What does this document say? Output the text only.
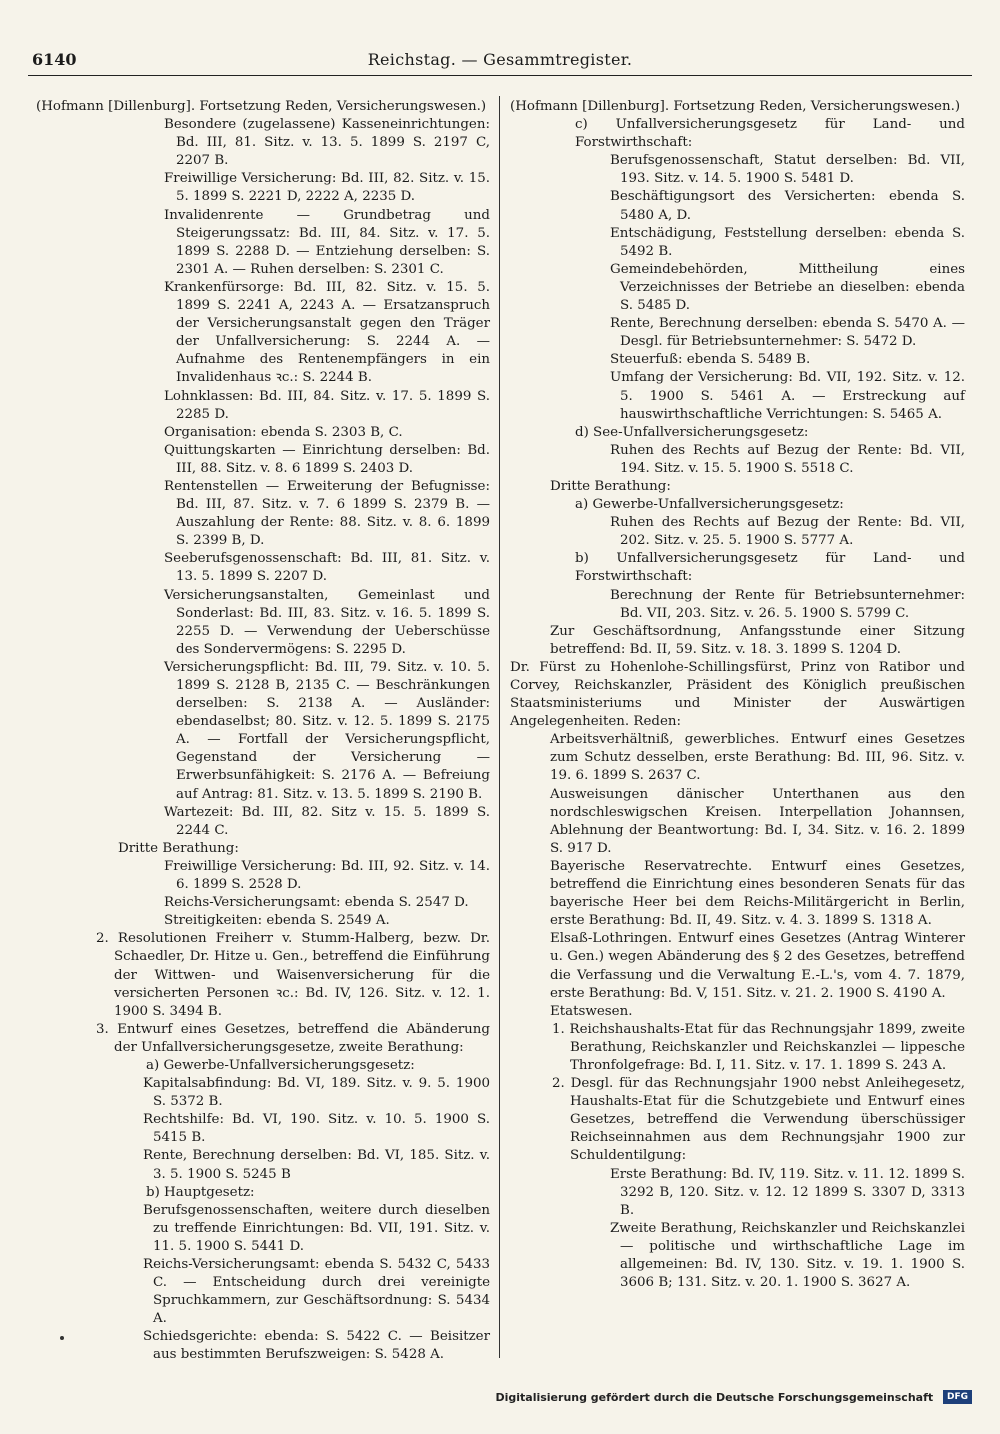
6140	Reichstag. — Gesammtregister.

(Hofmann [Dillenburg]. Fortsetzung Reden, Versicherungswesen.)

Besondere (zugelassene) Kasseneinrichtungen: Bd. III, 81. Sitz. v. 13. 5. 1899 S. 2197 C, 2207 B.

Freiwillige Versicherung: Bd. III, 82. Sitz. v. 15. 5. 1899 S. 2221 D, 2222 A, 2235 D.

Invalidenrente — Grundbetrag und Steigerungssatz: Bd. III, 84. Sitz. v. 17. 5. 1899 S. 2288 D. — Entziehung derselben: S. 2301 A. — Ruhen derselben: S. 2301 C.

Krankenfürsorge: Bd. III, 82. Sitz. v. 15. 5. 1899 S. 2241 A, 2243 A. — Ersatzanspruch der Versicherungsanstalt gegen den Träger der Unfallversicherung: S. 2244 A. — Aufnahme des Rentenempfängers in ein Invalidenhaus ꝛc.: S. 2244 B.

Lohnklassen: Bd. III, 84. Sitz. v. 17. 5. 1899 S. 2285 D.

Organisation: ebenda S. 2303 B, C.

Quittungskarten — Einrichtung derselben: Bd. III, 88. Sitz. v. 8. 6 1899 S. 2403 D.

Rentenstellen — Erweiterung der Befugnisse: Bd. III, 87. Sitz. v. 7. 6 1899 S. 2379 B. — Auszahlung der Rente: 88. Sitz. v. 8. 6. 1899 S. 2399 B, D.

Seeberufsgenossenschaft: Bd. III, 81. Sitz. v. 13. 5. 1899 S. 2207 D.

Versicherungsanstalten, Gemeinlast und Sonderlast: Bd. III, 83. Sitz. v. 16. 5. 1899 S. 2255 D. — Verwendung der Ueberschüsse des Sondervermögens: S. 2295 D.

Versicherungspflicht: Bd. III, 79. Sitz. v. 10. 5. 1899 S. 2128 B, 2135 C. — Beschränkungen derselben: S. 2138 A. — Ausländer: ebendaselbst; 80. Sitz. v. 12. 5. 1899 S. 2175 A. — Fortfall der Versicherungspflicht, Gegenstand der Versicherung — Erwerbsunfähigkeit: S. 2176 A. — Befreiung auf Antrag: 81. Sitz. v. 13. 5. 1899 S. 2190 B.

Wartezeit: Bd. III, 82. Sitz v. 15. 5. 1899 S. 2244 C.

Dritte Berathung:

Freiwillige Versicherung: Bd. III, 92. Sitz. v. 14. 6. 1899 S. 2528 D.

Reichs-Versicherungsamt: ebenda S. 2547 D.

Streitigkeiten: ebenda S. 2549 A.

2. Resolutionen Freiherr v. Stumm-Halberg, bezw. Dr. Schaedler, Dr. Hitze u. Gen., betreffend die Einführung der Wittwen- und Waisenversicherung für die versicherten Personen ꝛc.: Bd. IV, 126. Sitz. v. 12. 1. 1900 S. 3494 B.

3. Entwurf eines Gesetzes, betreffend die Abänderung der Unfallversicherungsgesetze, zweite Berathung:

a) Gewerbe-Unfallversicherungsgesetz:

Kapitalsabfindung: Bd. VI, 189. Sitz. v. 9. 5. 1900 S. 5372 B.

Rechtshilfe: Bd. VI, 190. Sitz. v. 10. 5. 1900 S. 5415 B.

Rente, Berechnung derselben: Bd. VI, 185. Sitz. v. 3. 5. 1900 S. 5245 B

b) Hauptgesetz:

Berufsgenossenschaften, weitere durch dieselben zu treffende Einrichtungen: Bd. VII, 191. Sitz. v. 11. 5. 1900 S. 5441 D.

Reichs-Versicherungsamt: ebenda S. 5432 C, 5433 C. — Entscheidung durch drei vereinigte Spruchkammern, zur Geschäftsordnung: S. 5434 A.

Schiedsgerichte: ebenda: S. 5422 C. — Beisitzer aus bestimmten Berufszweigen: S. 5428 A.

(Hofmann [Dillenburg]. Fortsetzung Reden, Versicherungswesen.)

c) Unfallversicherungsgesetz für Land- und Forstwirthschaft:

Berufsgenossenschaft, Statut derselben: Bd. VII, 193. Sitz. v. 14. 5. 1900 S. 5481 D.

Beschäftigungsort des Versicherten: ebenda S. 5480 A, D.

Entschädigung, Feststellung derselben: ebenda S. 5492 B.

Gemeindebehörden, Mittheilung eines Verzeichnisses der Betriebe an dieselben: ebenda S. 5485 D.

Rente, Berechnung derselben: ebenda S. 5470 A. — Desgl. für Betriebsunternehmer: S. 5472 D.

Steuerfuß: ebenda S. 5489 B.

Umfang der Versicherung: Bd. VII, 192. Sitz. v. 12. 5. 1900 S. 5461 A. — Erstreckung auf hauswirthschaftliche Verrichtungen: S. 5465 A.

d) See-Unfallversicherungsgesetz:

Ruhen des Rechts auf Bezug der Rente: Bd. VII, 194. Sitz. v. 15. 5. 1900 S. 5518 C.

Dritte Berathung:

a) Gewerbe-Unfallversicherungsgesetz:

Ruhen des Rechts auf Bezug der Rente: Bd. VII, 202. Sitz. v. 25. 5. 1900 S. 5777 A.

b) Unfallversicherungsgesetz für Land- und Forstwirthschaft:

Berechnung der Rente für Betriebsunternehmer: Bd. VII, 203. Sitz. v. 26. 5. 1900 S. 5799 C.

Zur Geschäftsordnung, Anfangsstunde einer Sitzung betreffend: Bd. II, 59. Sitz. v. 18. 3. 1899 S. 1204 D.

Dr. Fürst zu Hohenlohe-Schillingsfürst, Prinz von Ratibor und Corvey, Reichskanzler, Präsident des Königlich preußischen Staatsministeriums und Minister der Auswärtigen Angelegenheiten. Reden:

Arbeitsverhältniß, gewerbliches. Entwurf eines Gesetzes zum Schutz desselben, erste Berathung: Bd. III, 96. Sitz. v. 19. 6. 1899 S. 2637 C.

Ausweisungen dänischer Unterthanen aus den nordschleswigschen Kreisen. Interpellation Johannsen, Ablehnung der Beantwortung: Bd. I, 34. Sitz. v. 16. 2. 1899 S. 917 D.

Bayerische Reservatrechte. Entwurf eines Gesetzes, betreffend die Einrichtung eines besonderen Senats für das bayerische Heer bei dem Reichs-Militärgericht in Berlin, erste Berathung: Bd. II, 49. Sitz. v. 4. 3. 1899 S. 1318 A.

Elsaß-Lothringen. Entwurf eines Gesetzes (Antrag Winterer u. Gen.) wegen Abänderung des § 2 des Gesetzes, betreffend die Verfassung und die Verwaltung E.-L.'s, vom 4. 7. 1879, erste Berathung: Bd. V, 151. Sitz. v. 21. 2. 1900 S. 4190 A.

Etatswesen.

1. Reichshaushalts-Etat für das Rechnungsjahr 1899, zweite Berathung, Reichskanzler und Reichskanzlei — lippesche Thronfolgefrage: Bd. I, 11. Sitz. v. 17. 1. 1899 S. 243 A.

2. Desgl. für das Rechnungsjahr 1900 nebst Anleihegesetz, Haushalts-Etat für die Schutzgebiete und Entwurf eines Gesetzes, betreffend die Verwendung überschüssiger Reichseinnahmen aus dem Rechnungsjahr 1900 zur Schuldentilgung:

Erste Berathung: Bd. IV, 119. Sitz. v. 11. 12. 1899 S. 3292 B, 120. Sitz. v. 12. 12 1899 S. 3307 D, 3313 B.

Zweite Berathung, Reichskanzler und Reichskanzlei — politische und wirthschaftliche Lage im allgemeinen: Bd. IV, 130. Sitz. v. 19. 1. 1900 S. 3606 B; 131. Sitz. v. 20. 1. 1900 S. 3627 A.

Digitalisierung gefördert durch die Deutsche Forschungsgemeinschaft DFG
